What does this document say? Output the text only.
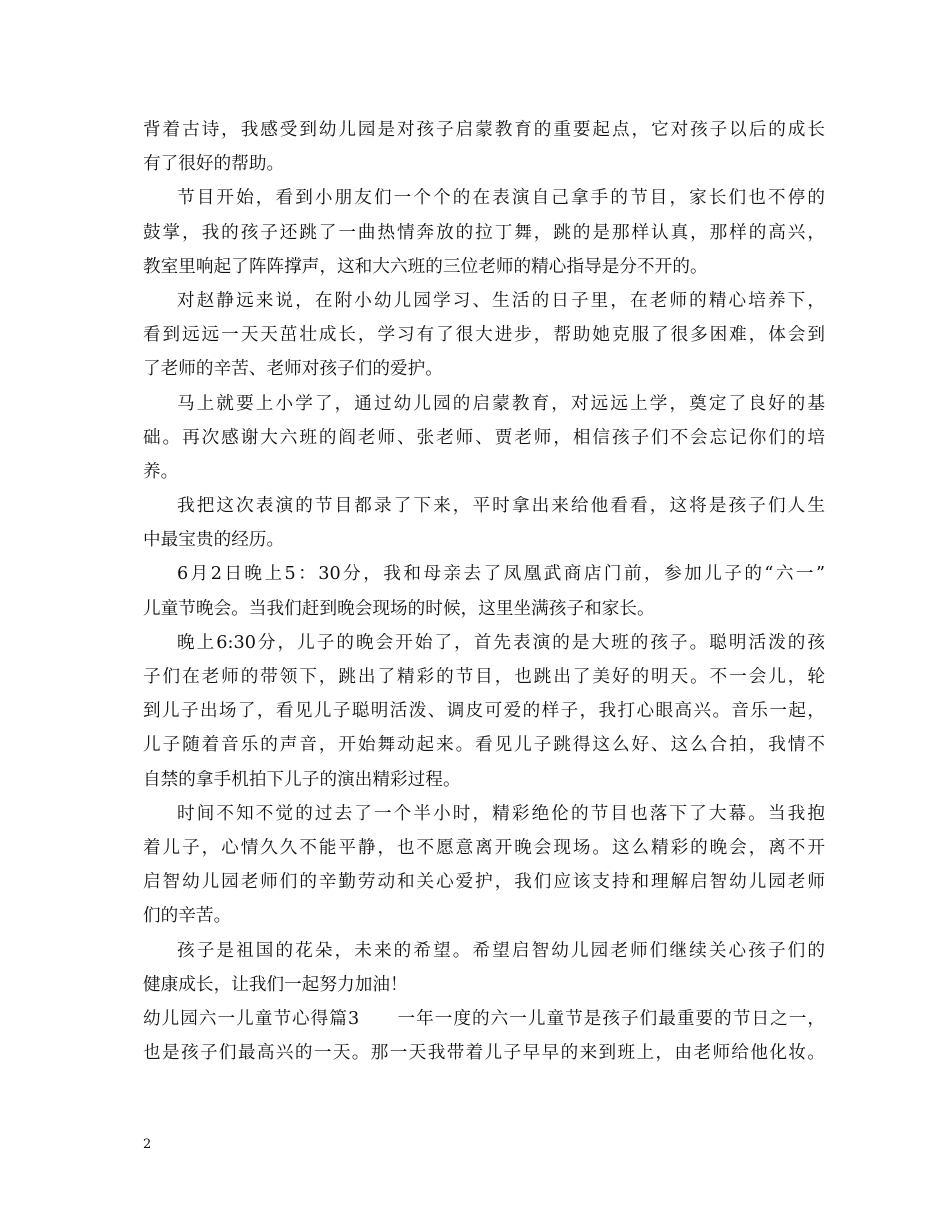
背着古诗，我感受到幼儿园是对孩子启蒙教育的重要起点，它对孩子以后的成长
有了很好的帮助。
节目开始，看到小朋友们一个个的在表演自己拿手的节目，家长们也不停的
鼓掌，我的孩子还跳了一曲热情奔放的拉丁舞，跳的是那样认真，那样的高兴，
教室里响起了阵阵撑声，这和大六班的三位老师的精心指导是分不开的。
对赵静远来说，在附小幼儿园学习、生活的日子里，在老师的精心培养下，
看到远远一天天茁壮成长，学习有了很大进步，帮助她克服了很多困难，体会到
了老师的辛苦、老师对孩子们的爱护。
马上就要上小学了，通过幼儿园的启蒙教育，对远远上学，奠定了良好的基
础。再次感谢大六班的阎老师、张老师、贾老师，相信孩子们不会忘记你们的培
养。
我把这次表演的节目都录了下来，平时拿出来给他看看，这将是孩子们人生
中最宝贵的经历。
6月2日晚上5：30分，我和母亲去了凤凰武商店门前，参加儿子的“六一”
儿童节晚会。当我们赶到晚会现场的时候，这里坐满孩子和家长。
晚上6:30分，儿子的晚会开始了，首先表演的是大班的孩子。聪明活泼的孩
子们在老师的带领下，跳出了精彩的节目，也跳出了美好的明天。不一会儿，轮
到儿子出场了，看见儿子聪明活泼、调皮可爱的样子，我打心眼高兴。音乐一起，
儿子随着音乐的声音，开始舞动起来。看见儿子跳得这么好、这么合拍，我情不
自禁的拿手机拍下儿子的演出精彩过程。
时间不知不觉的过去了一个半小时，精彩绝伦的节目也落下了大幕。当我抱
着儿子，心情久久不能平静，也不愿意离开晚会现场。这么精彩的晚会，离不开
启智幼儿园老师们的辛勤劳动和关心爱护，我们应该支持和理解启智幼儿园老师
们的辛苦。
孩子是祖国的花朵，未来的希望。希望启智幼儿园老师们继续关心孩子们的
健康成长，让我们一起努力加油！
幼儿园六一儿童节心得篇3　　一年一度的六一儿童节是孩子们最重要的节日之一，
也是孩子们最高兴的一天。那一天我带着儿子早早的来到班上，由老师给他化妆。
2
